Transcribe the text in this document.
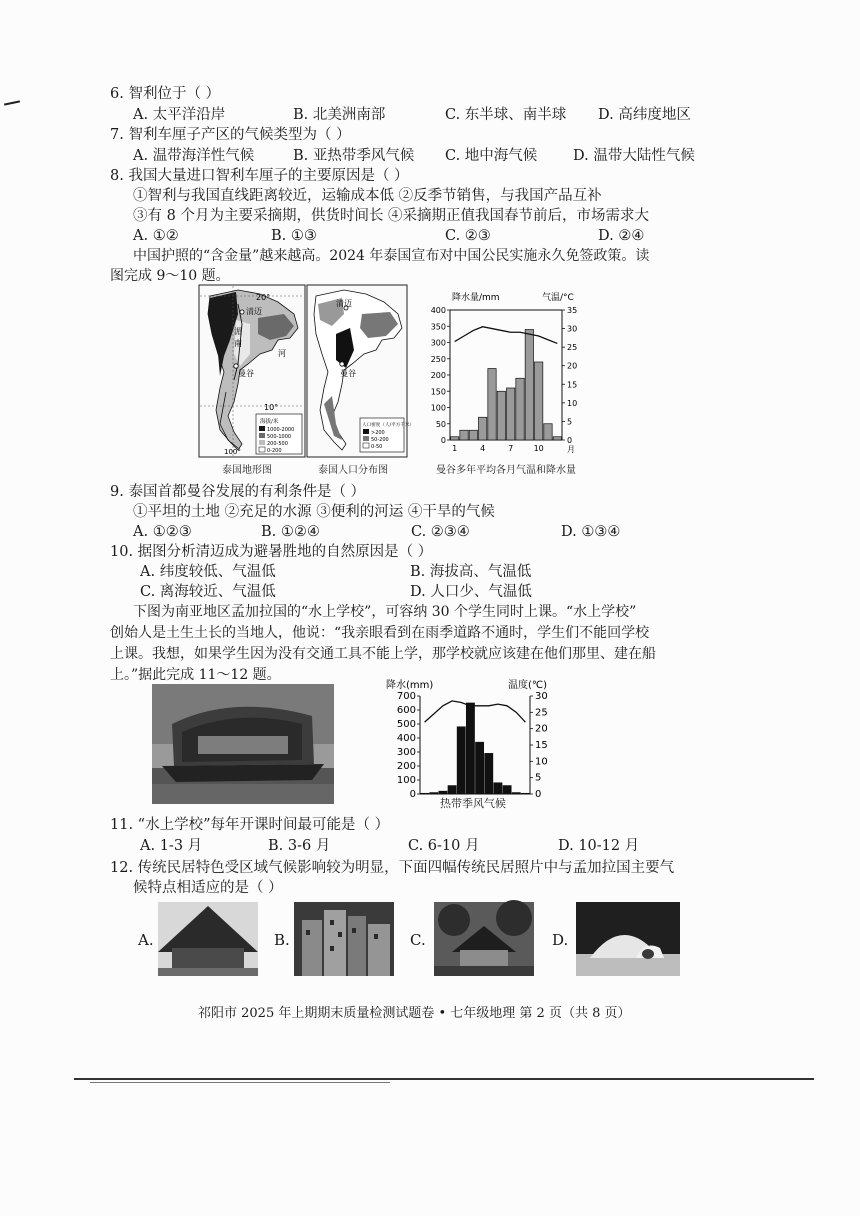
6. 智利位于（ ）
A. 太平洋沿岸	B. 北美洲南部	C. 东半球、南半球 D. 高纬度地区
7. 智利车厘子产区的气候类型为（ ）
A. 温带海洋性气候	B. 亚热带季风气候 C. 地中海气候 D. 温带大陆性气候
8. 我国大量进口智利车厘子的主要原因是（ ）
①智利与我国直线距离较近，运输成本低 ②反季节销售，与我国产品互补
③有 8 个月为主要采摘期，供货时间长 ④采摘期正值我国春节前后，市场需求大
A. ①②	B. ①③	C. ②③	D. ②④
中国护照的“含金量”越来越高。2024 年泰国宣布对中国公民实施永久免签政策。读
图完成 9～10 题。
20°
10°
100°
清迈
曼谷
湄
南
河
海拔/米
1000-2000
500-1000
200-500
0-200
泰国地形图
清迈
曼谷
人口密度（人/平方千米）
>200
50-200
0-50
泰国人口分布图
降水量/mm	气温/°C
月
0
50
100
150
200
250
300
350
400
0
5
10
15
20
25
30
35
1	4	7	10
曼谷多年平均各月气温和降水量
9. 泰国首都曼谷发展的有利条件是（ ）
①平坦的土地 ②充足的水源 ③便利的河运 ④干旱的气候
A. ①②③	B. ①②④	C. ②③④	D. ①③④
10. 据图分析清迈成为避暑胜地的自然原因是（ ）
A. 纬度较低、气温低	B. 海拔高、气温低
C. 离海较近、气温低	D. 人口少、气温低
下图为南亚地区孟加拉国的“水上学校”，可容纳 30 个学生同时上课。“水上学校”
创始人是土生土长的当地人，他说：“我亲眼看到在雨季道路不通时，学生们不能回学校
上课。我想，如果学生因为没有交通工具不能上学，那学校就应该建在他们那里、建在船
上。”据此完成 11～12 题。
降水(mm)	温度(℃)
0
100
200
300
400
500
600
700
0
5
10
15
20
25
30
热带季风气候
11. “水上学校”每年开课时间最可能是（ ）
A. 1-3 月	B. 3-6 月	C. 6-10 月	D. 10-12 月
12. 传统民居特色受区域气候影响较为明显，下面四幅传统民居照片中与孟加拉国主要气
候特点相适应的是（ ）
A.	B.	C.	D.
祁阳市 2025 年上期期末质量检测试题卷 • 七年级地理 第 2 页（共 8 页）
